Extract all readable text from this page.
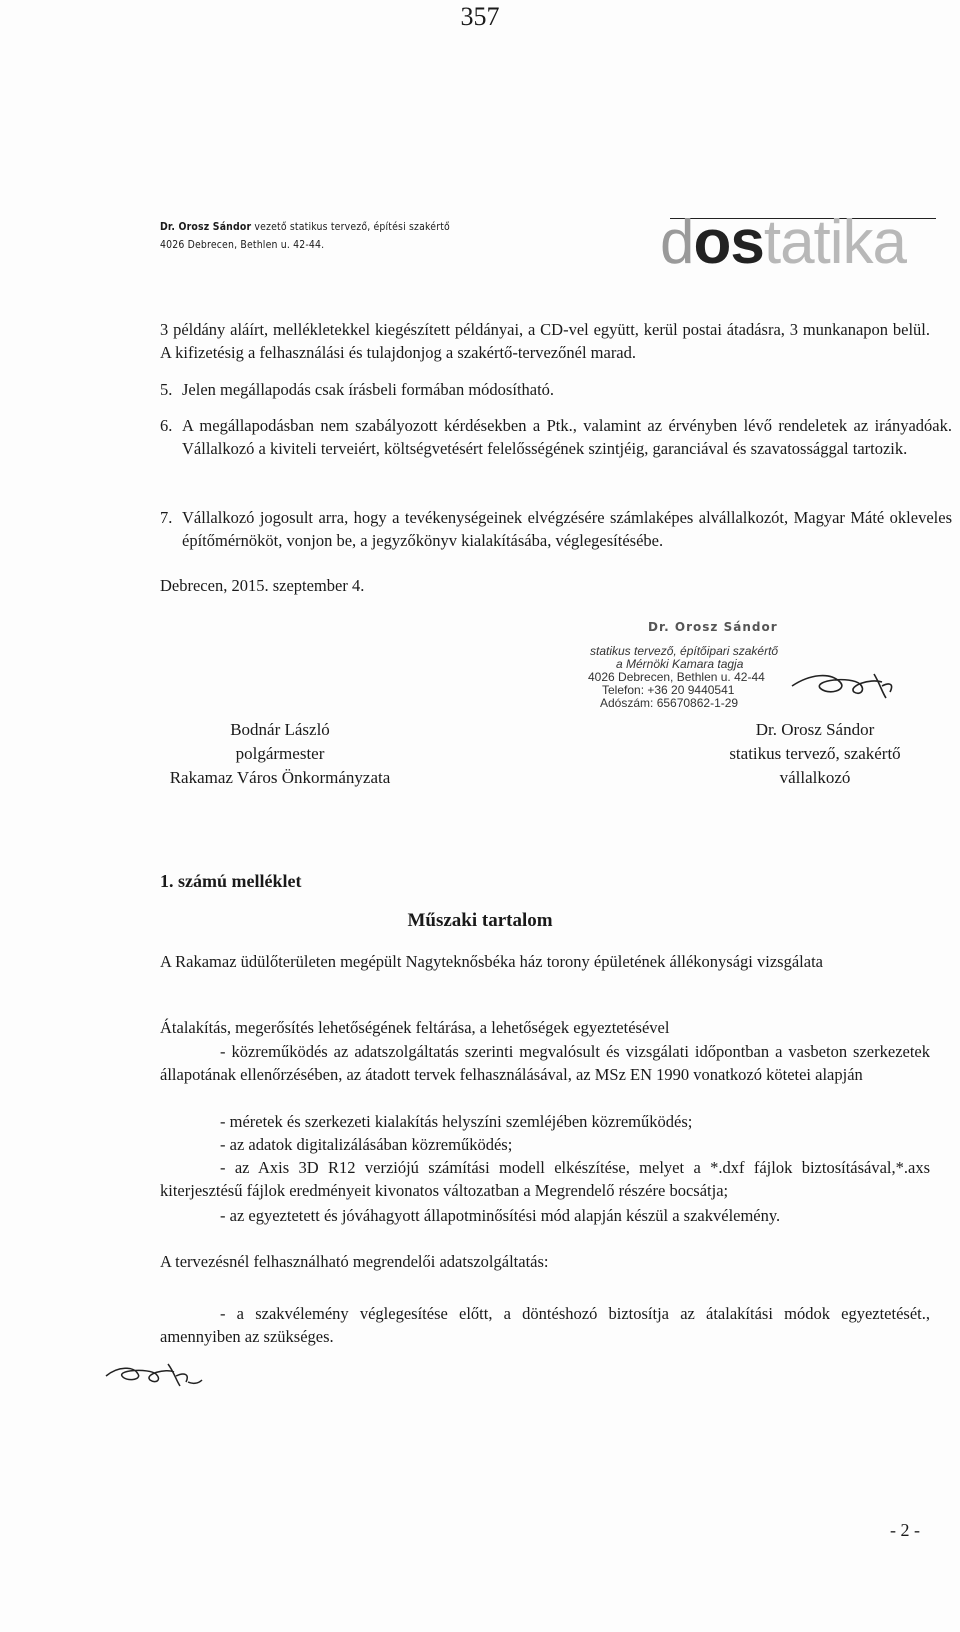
357
Dr. Orosz Sándor vezető statikus tervező, építési szakértő
4026 Debrecen, Bethlen u. 42-44.	dostatika
3 példány aláírt, mellékletekkel kiegészített példányai, a CD-vel együtt, kerül postai átadásra, 3 munkanapon belül. A kifizetésig a felhasználási és tulajdonjog a szakértő-tervezőnél marad.
5. Jelen megállapodás csak írásbeli formában módosítható.
6. A megállapodásban nem szabályozott kérdésekben a Ptk., valamint az érvényben lévő rendeletek az irányadóak. Vállalkozó a kiviteli terveiért, költségvetésért felelősségének szintjéig, garanciával és szavatossággal tartozik.
7. Vállalkozó jogosult arra, hogy a tevékenységeinek elvégzésére számlaképes alvállalkozót, Magyar Máté okleveles építőmérnököt, vonjon be, a jegyzőkönyv kialakításába, véglegesítésébe.
Debrecen, 2015. szeptember 4.
Dr. Orosz Sándor
statikus tervező, építőipari szakértő
a Mérnöki Kamara tagja
4026 Debrecen, Bethlen u. 42-44
Telefon: +36 20 9440541
Adószám: 65670862-1-29
Bodnár László
polgármester
Rakamaz Város Önkormányzata
Dr. Orosz Sándor
statikus tervező, szakértő
vállalkozó
1. számú melléklet
Műszaki tartalom
A Rakamaz üdülőterületen megépült Nagyteknősbéka ház torony épületének állékonysági vizsgálata
Átalakítás, megerősítés lehetőségének feltárása, a lehetőségek egyeztetésével
- közreműködés az adatszolgáltatás szerinti megvalósult és vizsgálati időpontban a vasbeton szerkezetek állapotának ellenőrzésében, az átadott tervek felhasználásával, az MSz EN 1990 vonatkozó kötetei alapján
- méretek és szerkezeti kialakítás helyszíni szemléjében közreműködés;
- az adatok digitalizálásában közreműködés;
- az Axis 3D R12 verziójú számítási modell elkészítése, melyet a *.dxf fájlok biztosításával,*.axs kiterjesztésű fájlok eredményeit kivonatos változatban a Megrendelő részére bocsátja;
- az egyeztetett és jóváhagyott állapotminősítési mód alapján készül a szakvélemény.
A tervezésnél felhasználható megrendelői adatszolgáltatás:
- a szakvélemény véglegesítése előtt, a döntéshozó biztosítja az átalakítási módok egyeztetését., amennyiben az szükséges.
- 2 -
